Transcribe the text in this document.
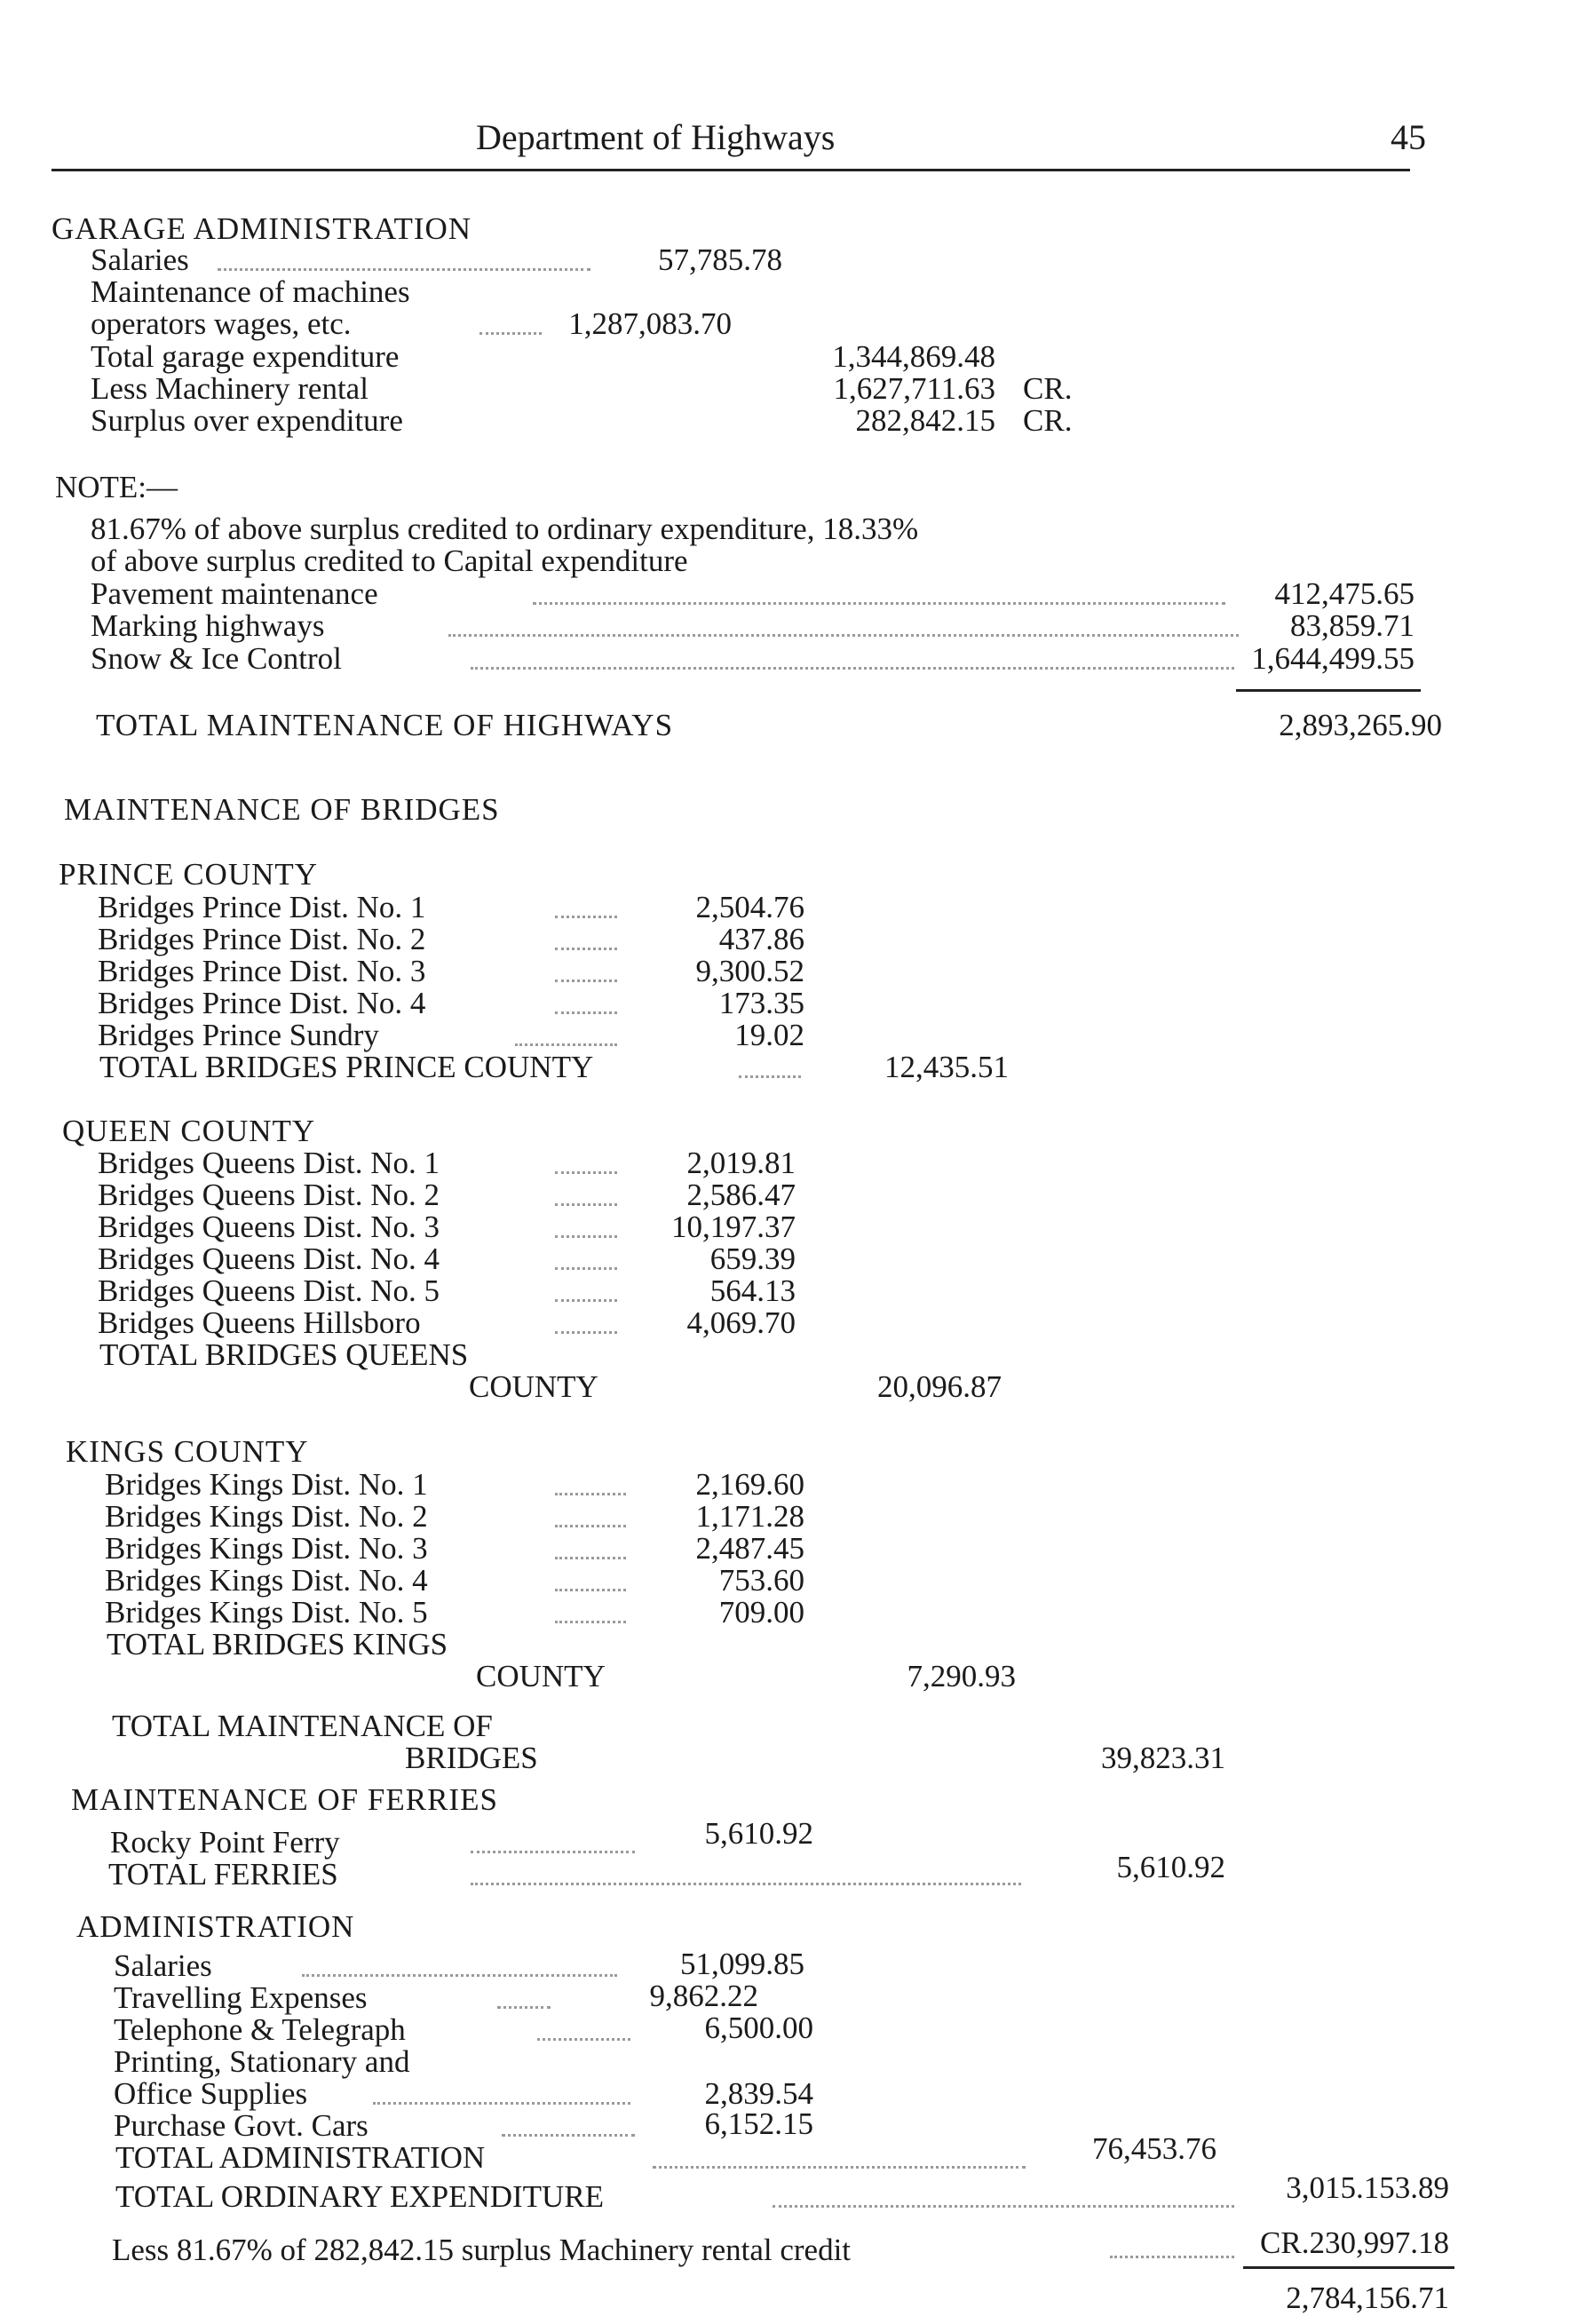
Department of Highways	45
GARAGE ADMINISTRATION
Salaries	57,785.78
Maintenance of machines
operators wages, etc.	1,287,083.70
Total garage expenditure	1,344,869.48
Less Machinery rental	1,627,711.63 CR.
Surplus over expenditure	282,842.15 CR.
NOTE:—
81.67% of above surplus credited to ordinary expenditure, 18.33%
of above surplus credited to Capital expenditure
Pavement maintenance	412,475.65
Marking highways	83,859.71
Snow & Ice Control	1,644,499.55
TOTAL MAINTENANCE OF HIGHWAYS	2,893,265.90
MAINTENANCE OF BRIDGES
PRINCE COUNTY
Bridges Prince Dist. No. 1	2,504.76
Bridges Prince Dist. No. 2	437.86
Bridges Prince Dist. No. 3	9,300.52
Bridges Prince Dist. No. 4	173.35
Bridges Prince Sundry	19.02
TOTAL BRIDGES PRINCE COUNTY	12,435.51
QUEEN COUNTY
Bridges Queens Dist. No. 1	2,019.81
Bridges Queens Dist. No. 2	2,586.47
Bridges Queens Dist. No. 3	10,197.37
Bridges Queens Dist. No. 4	659.39
Bridges Queens Dist. No. 5	564.13
Bridges Queens Hillsboro	4,069.70
TOTAL BRIDGES QUEENS
COUNTY	20,096.87
KINGS COUNTY
Bridges Kings Dist. No. 1	2,169.60
Bridges Kings Dist. No. 2	1,171.28
Bridges Kings Dist. No. 3	2,487.45
Bridges Kings Dist. No. 4	753.60
Bridges Kings Dist. No. 5	709.00
TOTAL BRIDGES KINGS
COUNTY	7,290.93
TOTAL MAINTENANCE OF
BRIDGES	39,823.31
MAINTENANCE OF FERRIES
Rocky Point Ferry	5,610.92
TOTAL FERRIES	5,610.92
ADMINISTRATION
Salaries	51,099.85
Travelling Expenses	9,862.22
Telephone & Telegraph	6,500.00
Printing, Stationary and
Office Supplies	2,839.54
Purchase Govt. Cars	6,152.15
TOTAL ADMINISTRATION	76,453.76
TOTAL ORDINARY EXPENDITURE	3,015.153.89
Less 81.67% of 282,842.15 surplus Machinery rental credit	CR.230,997.18
2,784,156.71
